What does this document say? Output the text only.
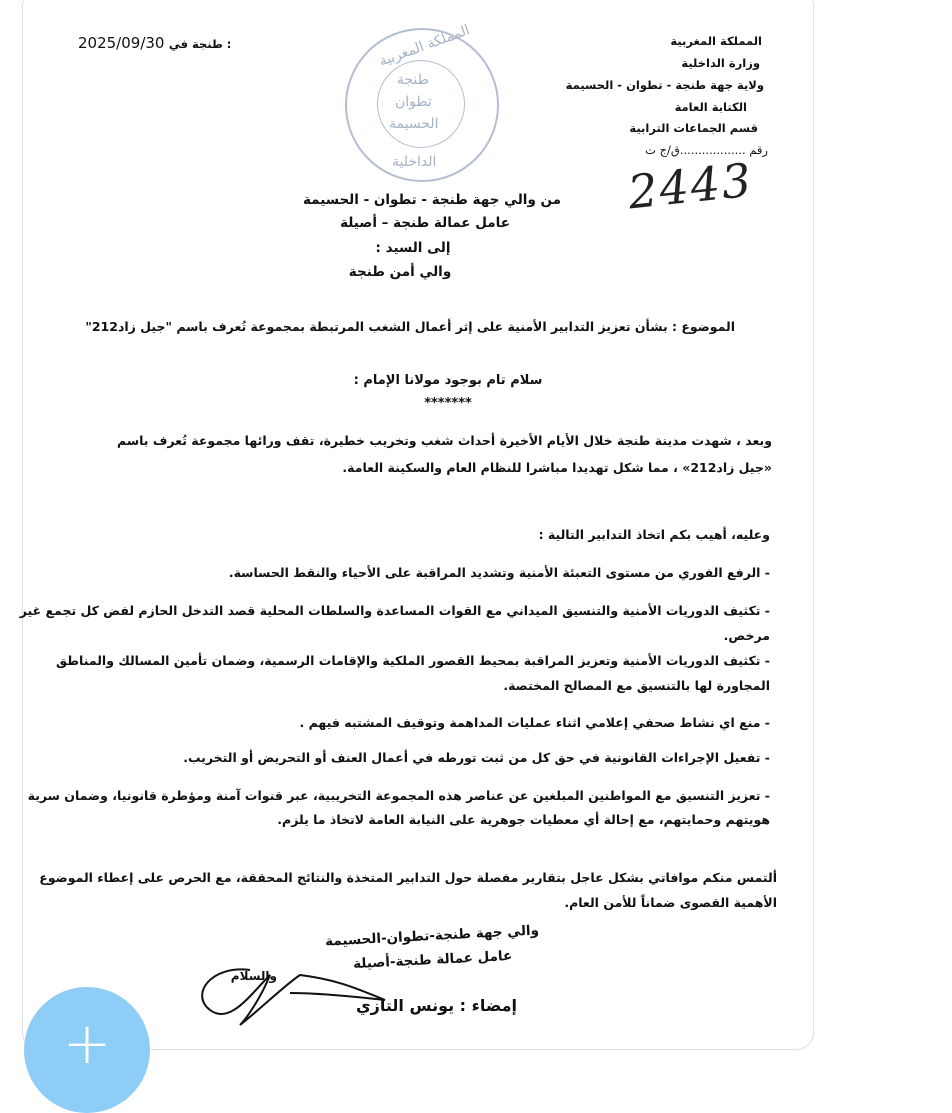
2025/09/30 طنجة في :	المملكة المغربية
طنجة
تطوان
الحسيمة
الداخلية
المملكة المغربية
وزارة الداخلية
ولاية جهة طنجة - تطوان - الحسيمة
الكتابة العامة
قسم الجماعات الترابية
رقم ..................ق/ج ت
2443
من والي جهة طنجة - تطوان - الحسيمة
عامل عمالة طنجة – أصيلة
إلى السيد :
والي أمن طنجة
الموضوع : بشأن تعزيز التدابير الأمنية على إثر أعمال الشغب المرتبطة بمجموعة تُعرف باسم "جيل زاد212"
سلام تام بوجود مولانا الإمام :
*******
وبعد ، شهدت مدينة طنجة خلال الأيام الأخيرة أحداث شغب وتخريب خطيرة، تقف ورائها مجموعة تُعرف باسم
«جيل زاد212» ، مما شكل تهديدا مباشرا للنظام العام والسكينة العامة.
وعليه، أهيب بكم اتخاذ التدابير التالية :
- الرفع الفوري من مستوى التعبئة الأمنية وتشديد المراقبة على الأحياء والنقط الحساسة.
- تكثيف الدوريات الأمنية والتنسيق الميداني مع القوات المساعدة والسلطات المحلية قصد التدخل الحازم لفض كل تجمع غير
مرخص.
- تكثيف الدوريات الأمنية وتعزيز المراقبة بمحيط القصور الملكية والإقامات الرسمية، وضمان تأمين المسالك والمناطق
المجاورة لها بالتنسيق مع المصالح المختصة.
- منع اي نشاط صحفي إعلامي اثناء عمليات المداهمة وتوقيف المشتبه فيهم .
- تفعيل الإجراءات القانونية في حق كل من ثبت تورطه في أعمال العنف أو التحريض أو التخريب.
- تعزيز التنسيق مع المواطنين المبلغين عن عناصر هذه المجموعة التخريبية، عبر قنوات آمنة ومؤطرة قانونيا، وضمان سرية
هويتهم وحمايتهم، مع إحالة أي معطيات جوهرية على النيابة العامة لاتخاذ ما يلزم.
ألتمس منكم موافاتي بشكل عاجل بتقارير مفصلة حول التدابير المتخذة والنتائج المحققة، مع الحرص على إعطاء الموضوع
الأهمية القصوى ضماناً للأمن العام.
والي جهة طنجة-تطوان-الحسيمة
عامل عمالة طنجة-أصيلة
والسلام
إمضاء : يونس التازي
+
